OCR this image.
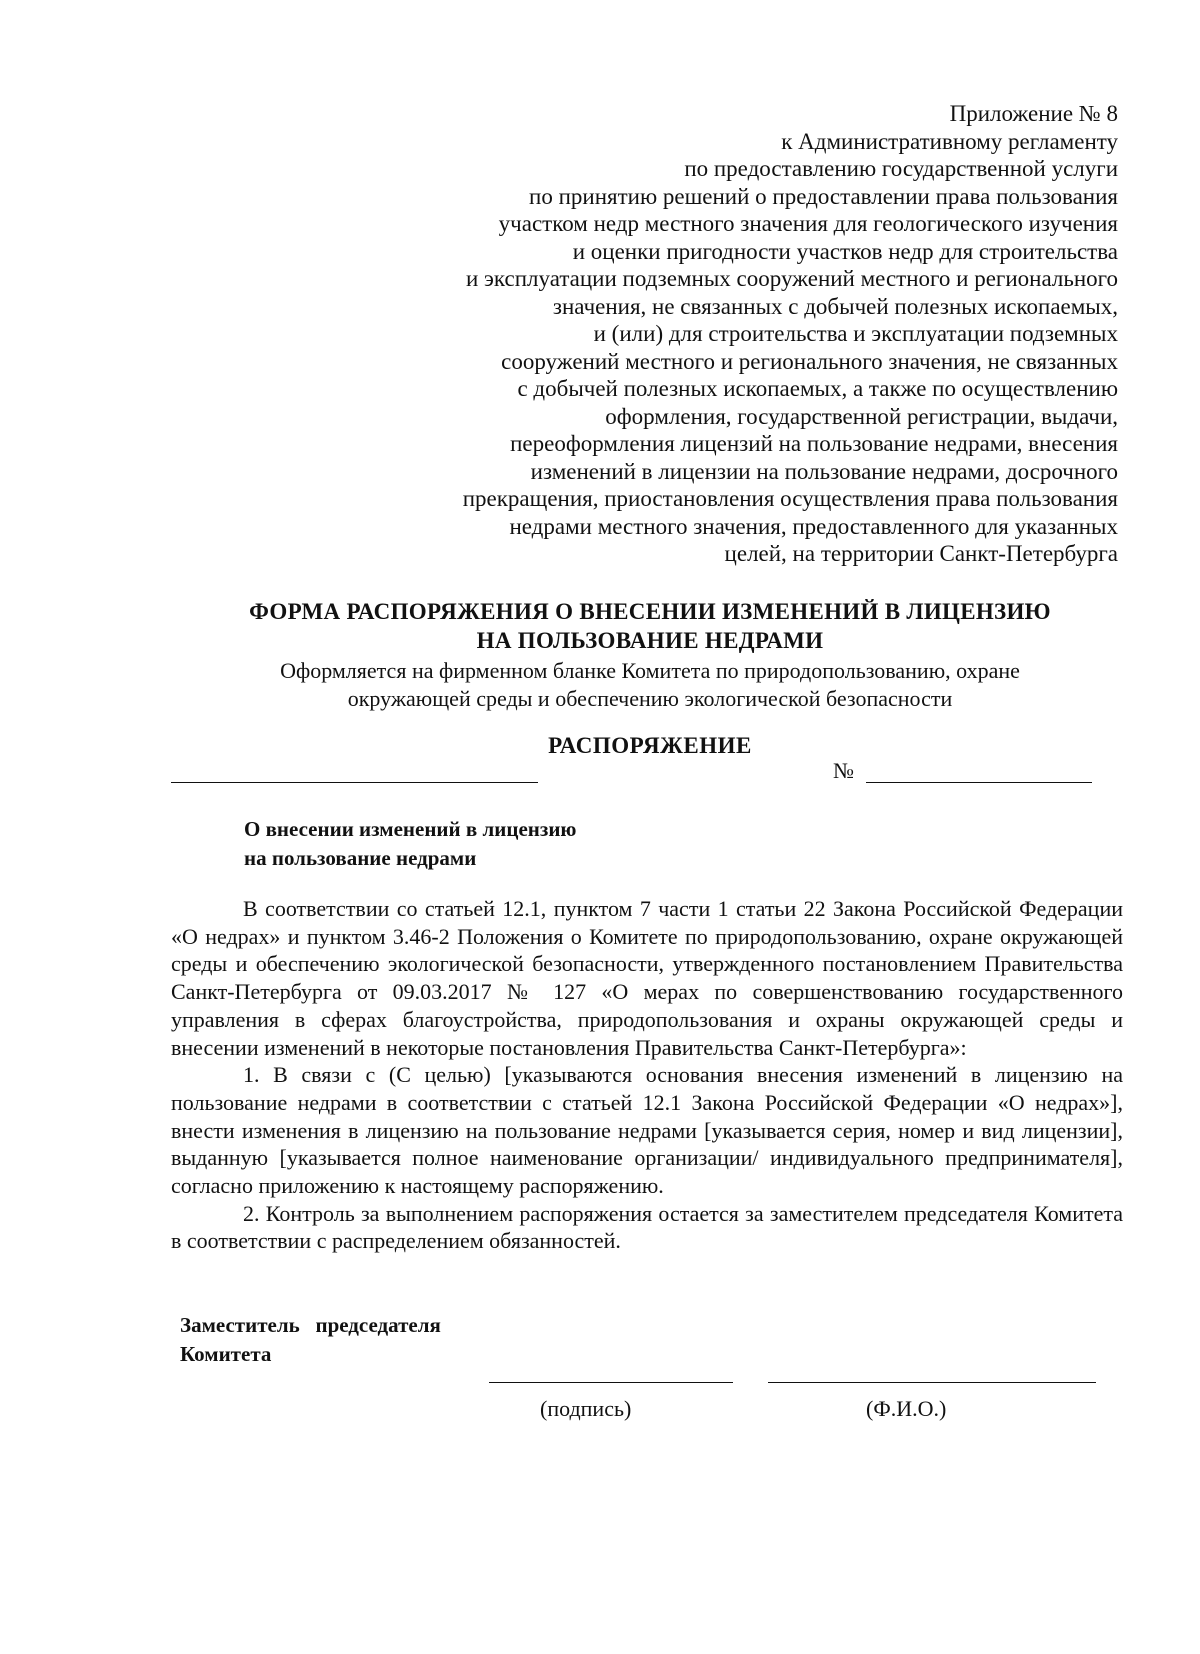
Приложение № 8
к Административному регламенту
по предоставлению государственной услуги
по принятию решений о предоставлении права пользования
участком недр местного значения для геологического изучения
и оценки пригодности участков недр для строительства
и эксплуатации подземных сооружений местного и регионального
значения, не связанных с добычей полезных ископаемых,
и (или) для строительства и эксплуатации подземных
сооружений местного и регионального значения, не связанных
с добычей полезных ископаемых, а также по осуществлению
оформления, государственной регистрации, выдачи,
переоформления лицензий на пользование недрами, внесения
изменений в лицензии на пользование недрами, досрочного
прекращения, приостановления осуществления права пользования
недрами местного значения, предоставленного для указанных
целей, на территории Санкт-Петербурга
ФОРМА РАСПОРЯЖЕНИЯ О ВНЕСЕНИИ ИЗМЕНЕНИЙ В ЛИЦЕНЗИЮ
НА ПОЛЬЗОВАНИЕ НЕДРАМИ
Оформляется на фирменном бланке Комитета по природопользованию, охране
окружающей среды и обеспечению экологической безопасности
РАСПОРЯЖЕНИЕ
№
О внесении изменений в лицензию
на пользование недрами

В соответствии со статьей 12.1, пунктом 7 части 1 статьи 22 Закона Российской Федерации «О недрах» и пунктом 3.46-2 Положения о Комитете по природопользованию, охране окружающей среды и обеспечению экологической безопасности, утвержденного постановлением Правительства Санкт-Петербурга от 09.03.2017 № 127 «О мерах по совершенствованию государственного управления в сферах благоустройства, природопользования и охраны окружающей среды и внесении изменений в некоторые постановления Правительства Санкт-Петербурга»:

1. В связи с (С целью) [указываются основания внесения изменений в лицензию на пользование недрами в соответствии с статьей 12.1 Закона Российской Федерации «О недрах»], внести изменения в лицензию на пользование недрами [указывается серия, номер и вид лицензии], выданную [указывается полное наименование организации/ индивидуального предпринимателя], согласно приложению к настоящему распоряжению.

2. Контроль за выполнением распоряжения остается за заместителем председателя Комитета в соответствии с распределением обязанностей.

Заместитель   председателя
Комитета
(подпись)	(Ф.И.О.)
